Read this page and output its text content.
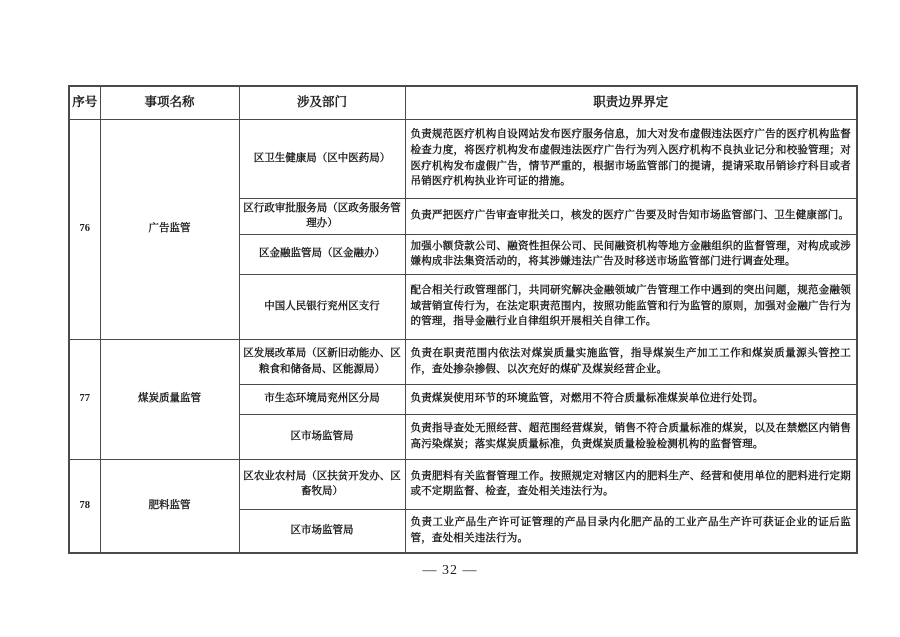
序号	事项名称	涉及部门	职责边界界定
76	广告监管	区卫生健康局（区中医药局）	负责规范医疗机构自设网站发布医疗服务信息，加大对发布虚假违法医疗广告的医疗机构监督检查力度，将医疗机构发布虚假违法医疗广告行为列入医疗机构不良执业记分和校验管理；对医疗机构发布虚假广告，情节严重的，根据市场监管部门的提请，提请采取吊销诊疗科目或者吊销医疗机构执业许可证的措施。
		区行政审批服务局（区政务服务管理办）	负责严把医疗广告审查审批关口，核发的医疗广告要及时告知市场监管部门、卫生健康部门。
		区金融监管局（区金融办）	加强小额贷款公司、融资性担保公司、民间融资机构等地方金融组织的监督管理，对构成或涉嫌构成非法集资活动的，将其涉嫌违法广告及时移送市场监管部门进行调查处理。
		中国人民银行兖州区支行	配合相关行政管理部门，共同研究解决金融领域广告管理工作中遇到的突出问题，规范金融领域营销宣传行为，在法定职责范围内，按照功能监管和行为监管的原则，加强对金融广告行为的管理，指导金融行业自律组织开展相关自律工作。
77	煤炭质量监管	区发展改革局（区新旧动能办、区粮食和储备局、区能源局）	负责在职责范围内依法对煤炭质量实施监管，指导煤炭生产加工工作和煤炭质量源头管控工作，查处掺杂掺假、以次充好的煤矿及煤炭经营企业。
		市生态环境局兖州区分局	负责煤炭使用环节的环境监管，对燃用不符合质量标准煤炭单位进行处罚。
		区市场监管局	负责指导查处无照经营、超范围经营煤炭，销售不符合质量标准的煤炭，以及在禁燃区内销售高污染煤炭；落实煤炭质量标准，负责煤炭质量检验检测机构的监督管理。
78	肥料监管	区农业农村局（区扶贫开发办、区畜牧局）	负责肥料有关监督管理工作。按照规定对辖区内的肥料生产、经营和使用单位的肥料进行定期或不定期监督、检查，查处相关违法行为。
		区市场监管局	负责工业产品生产许可证管理的产品目录内化肥产品的工业产品生产许可获证企业的证后监管，查处相关违法行为。
— 32 —
